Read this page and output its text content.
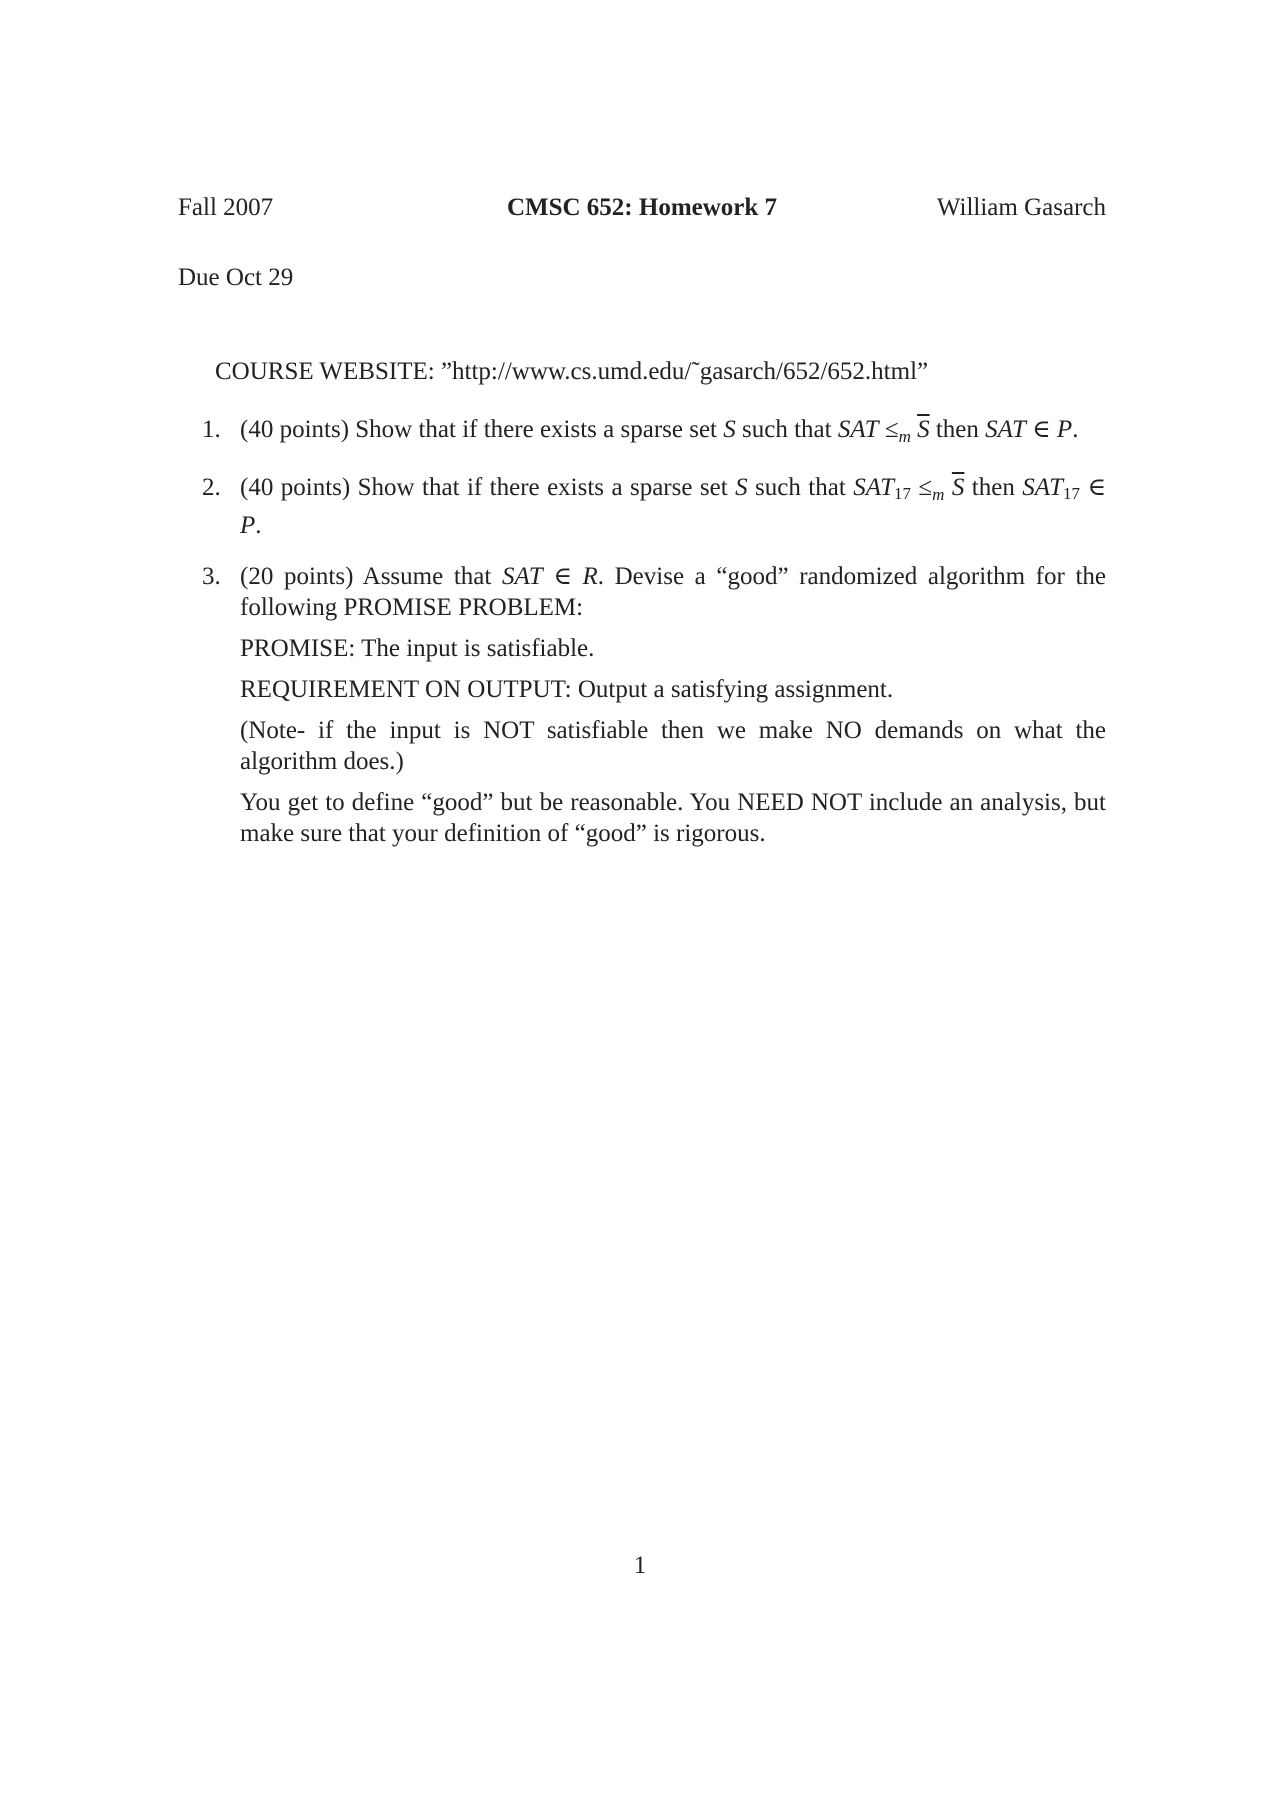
Fall 2007	CMSC 652: Homework 7	William Gasarch
Due Oct 29
COURSE WEBSITE: ”http://www.cs.umd.edu/˜gasarch/652/652.html”
1. (40 points) Show that if there exists a sparse set S such that SAT $\le_m$ $\overline{S}$ then SAT ∈ P.

2. (40 points) Show that if there exists a sparse set S such that $SAT_{17} \le_m$ $\overline{S}$ then $SAT_{17}$ ∈ P.

3. (20 points) Assume that SAT ∈ R. Devise a “good” randomized algorithm for the following PROMISE PROBLEM:

PROMISE: The input is satisfiable.

REQUIREMENT ON OUTPUT: Output a satisfying assignment.

(Note- if the input is NOT satisfiable then we make NO demands on what the algorithm does.)

You get to define “good” but be reasonable. You NEED NOT include an analysis, but make sure that your definition of “good” is rigorous.

1
